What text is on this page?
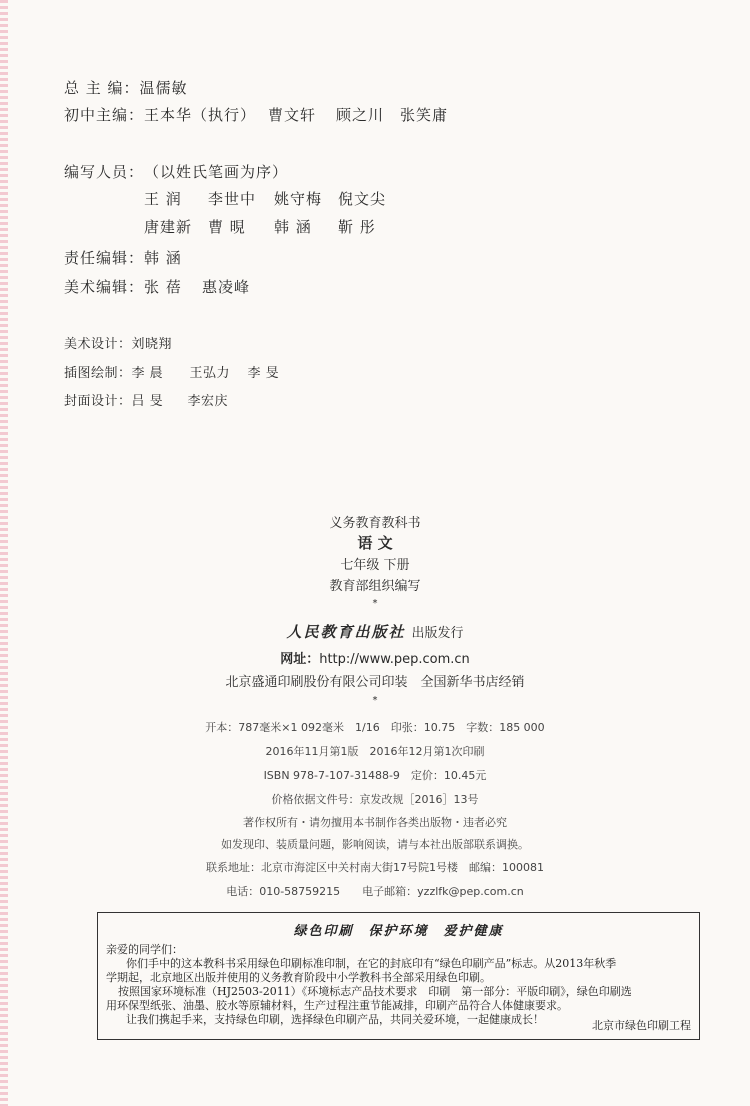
总 主 编：温儒敏
初中主编：王本华（执行） 曹文轩 顾之川 张笑庸
编写人员：（以姓氏笔画为序）
王 润 李世中 姚守梅 倪文尖
唐建新 曹 晛 韩 涵 靳 彤
责任编辑：韩 涵
美术编辑：张 蓓 惠凌峰
美术设计：刘晓翔
插图绘制：李 晨 王弘力 李 旻
封面设计：吕 旻 李宏庆
义务教育教科书
语 文
七年级 下册
教育部组织编写
*
人民教育出版社 出版发行
网址：http://www.pep.com.cn
北京盛通印刷股份有限公司印装　全国新华书店经销
*
开本：787毫米×1 092毫米　1/16　印张：10.75　字数：185 000
2016年11月第1版　2016年12月第1次印刷
ISBN 978-7-107-31488-9　定价：10.45元
价格依据文件号：京发改规［2016］13号
著作权所有・请勿擅用本书制作各类出版物・违者必究
如发现印、装质量问题，影响阅读，请与本社出版部联系调换。
联系地址：北京市海淀区中关村南大街17号院1号楼　邮编：100081
电话：010-58759215　　电子邮箱：yzzlfk@pep.com.cn
绿色印刷　保护环境　爱护健康
亲爱的同学们：
你们手中的这本教科书采用绿色印刷标准印制，在它的封底印有“绿色印刷产品”标志。从2013年秋季
学期起，北京地区出版并使用的义务教育阶段中小学教科书全部采用绿色印刷。
按照国家环境标准（HJ2503-2011）《环境标志产品技术要求　印刷　第一部分：平版印刷》，绿色印刷选
用环保型纸张、油墨、胶水等原辅材料，生产过程注重节能减排，印刷产品符合人体健康要求。
让我们携起手来，支持绿色印刷，选择绿色印刷产品，共同关爱环境，一起健康成长！	北京市绿色印刷工程
